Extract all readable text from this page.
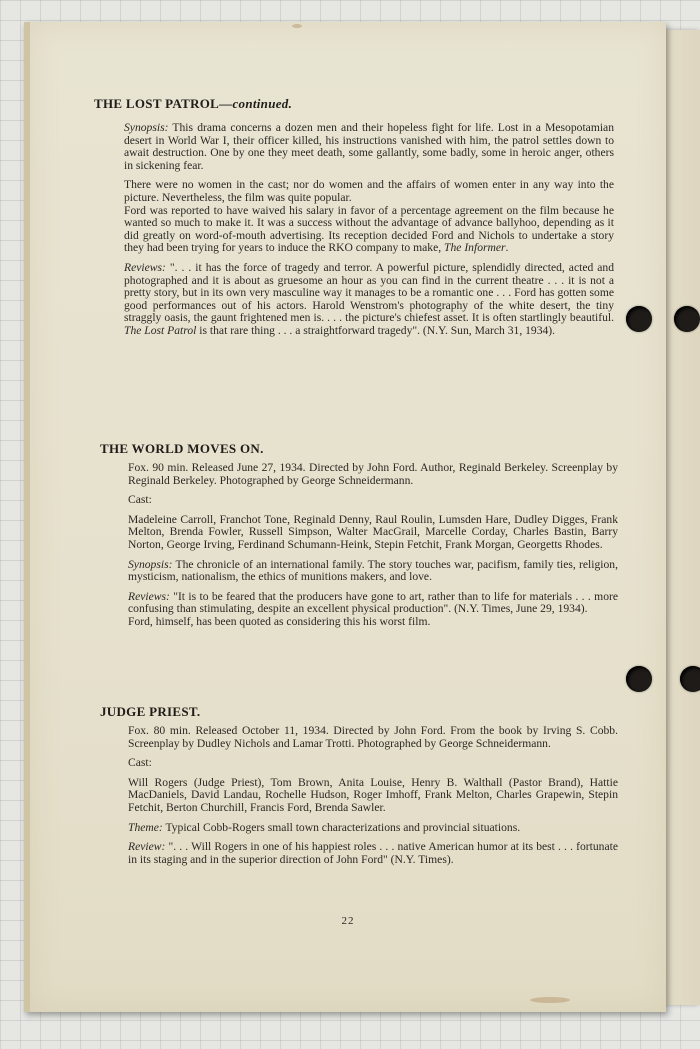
THE LOST PATROL—continued.

Synopsis: This drama concerns a dozen men and their hopeless fight for life. Lost in a Mesopotamian desert in World War I, their officer killed, his instructions vanished with him, the patrol settles down to await destruction. One by one they meet death, some gallantly, some badly, some in heroic anger, others in sickening fear.

There were no women in the cast; nor do women and the affairs of women enter in any way into the picture. Nevertheless, the film was quite popular.

Ford was reported to have waived his salary in favor of a percentage agreement on the film because he wanted so much to make it. It was a success without the advantage of advance ballyhoo, depending as it did greatly on word-of-mouth advertising. Its reception decided Ford and Nichols to undertake a story they had been trying for years to induce the RKO company to make, The Informer.

Reviews: ". . . it has the force of tragedy and terror. A powerful picture, splendidly directed, acted and photographed and it is about as gruesome an hour as you can find in the current theatre . . . it is not a pretty story, but in its own very masculine way it manages to be a romantic one . . . Ford has gotten some good performances out of his actors. Harold Wenstrom's photography of the white desert, the tiny straggly oasis, the gaunt frightened men is. . . . the picture's chiefest asset. It is often startlingly beautiful. The Lost Patrol is that rare thing . . . a straightforward tragedy". (N.Y. Sun, March 31, 1934).

THE WORLD MOVES ON.

Fox. 90 min. Released June 27, 1934. Directed by John Ford. Author, Reginald Berkeley. Screenplay by Reginald Berkeley. Photographed by George Schneidermann.

Cast:

Madeleine Carroll, Franchot Tone, Reginald Denny, Raul Roulin, Lumsden Hare, Dudley Digges, Frank Melton, Brenda Fowler, Russell Simpson, Walter MacGrail, Marcelle Corday, Charles Bastin, Barry Norton, George Irving, Ferdinand Schumann-Heink, Stepin Fetchit, Frank Morgan, Georgetts Rhodes.

Synopsis: The chronicle of an international family. The story touches war, pacifism, family ties, religion, mysticism, nationalism, the ethics of munitions makers, and love.

Reviews: "It is to be feared that the producers have gone to art, rather than to life for materials . . . more confusing than stimulating, despite an excellent physical production". (N.Y. Times, June 29, 1934).

Ford, himself, has been quoted as considering this his worst film.

JUDGE PRIEST.

Fox. 80 min. Released October 11, 1934. Directed by John Ford. From the book by Irving S. Cobb. Screenplay by Dudley Nichols and Lamar Trotti. Photographed by George Schneidermann.

Cast:

Will Rogers (Judge Priest), Tom Brown, Anita Louise, Henry B. Walthall (Pastor Brand), Hattie MacDaniels, David Landau, Rochelle Hudson, Roger Imhoff, Frank Melton, Charles Grapewin, Stepin Fetchit, Berton Churchill, Francis Ford, Brenda Sawler.

Theme: Typical Cobb-Rogers small town characterizations and provincial situations.

Review: ". . . Will Rogers in one of his happiest roles . . . native American humor at its best . . . fortunate in its staging and in the superior direction of John Ford" (N.Y. Times).

22
